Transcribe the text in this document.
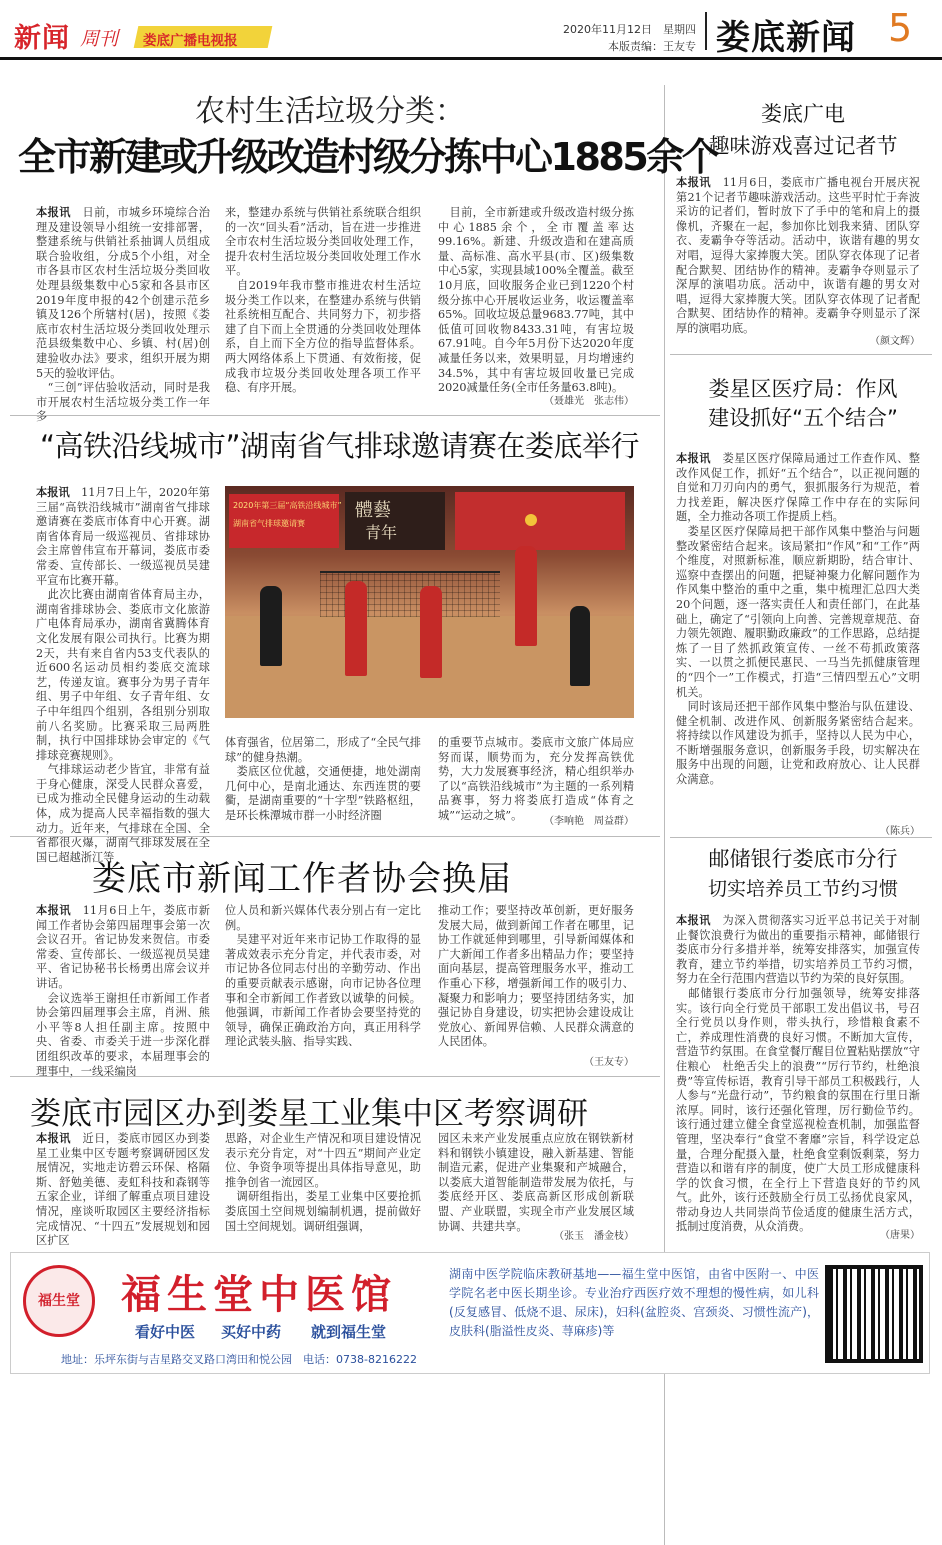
新闻 周刊 娄底广播电视报
2020年11月12日　星期四
本版责编：王友专 娄底新闻 5
农村生活垃圾分类：
全市新建或升级改造村级分拣中心1885余个

本报讯　日前，市城乡环境综合治理及建设领导小组统一安排部署，整建系统与供销社系抽调人员组成联合验收组，分成5个小组，对全市各县市区农村生活垃圾分类回收处理县级集数中心5家和各县市区2019年度申报的42个创建示范乡镇及126个所辖村(居)，按照《娄底市农村生活垃圾分类回收处理示范县级集数中心、乡镇、村(居)创建验收办法》要求，组织开展为期5天的验收评估。
　“三创”评估验收活动，同时是我市开展农村生活垃圾分类工作一年多

来，整建办系统与供销社系统联合组织的一次“回头看”活动，旨在进一步推进全市农村生活垃圾分类回收处理工作，提升农村生活垃圾分类回收处理工作水平。
　自2019年我市整市推进农村生活垃圾分类工作以来，在整建办系统与供销社系统相互配合、共同努力下，初步搭建了自下而上全贯通的分类回收处理体系，自上而下全方位的指导监督体系。两大网络体系上下贯通、有效衔接，促成我市垃圾分类回收处理各项工作平稳、有序开展。

　目前，全市新建或升级改造村级分拣中心1885余个，全市覆盖率达99.16%。新建、升级改造和在建高质量、高标准、高水平县(市、区)级集数中心5家，实现县域100%全覆盖。截至10月底，回收服务企业已到1220个村级分拣中心开展收运业务，收运覆盖率65%。回收垃圾总量9683.77吨，其中低值可回收物8433.31吨，有害垃圾67.91吨。自今年5月份下达2020年度减量任务以来，效果明显，月均增速约34.5%，其中有害垃圾回收量已完成2020减量任务(全市任务量63.8吨)。

（聂雄光　张志伟）
“高铁沿线城市”湖南省气排球邀请赛在娄底举行

本报讯　11月7日上午，2020年第三届“高铁沿线城市”湖南省气排球邀请赛在娄底市体育中心开赛。湖南省体育局一级巡视员、省排球协会主席曾伟宣布开幕词，娄底市委常委、宣传部长、一级巡视员吴建平宣布比赛开幕。
　此次比赛由湖南省体育局主办，湖南省排球协会、娄底市文化旅游广电体育局承办，湖南省冀腾体育文化发展有限公司执行。比赛为期2天，共有来自省内53支代表队的近600名运动员相约娄底交流球艺，传递友谊。赛事分为男子青年组、男子中年组、女子青年组、女子中年组四个组别，各组别分别取前八名奖励。比赛采取三局两胜制，执行中国排球协会审定的《气排球竞赛规则》。
　气排球运动老少皆宜，非常有益于身心健康，深受人民群众喜爱，已成为推动全民健身运动的生动载体，成为提高人民幸福指数的强大动力。近年来，气排球在全国、全省都很火爆，湖南气排球发展在全国已超越浙江等

2020年第三届“高铁沿线城市”
湖南省气排球邀请赛
體藝
青年

体育强省，位居第二，形成了“全民气排球”的健身热潮。
　娄底区位优越，交通便捷，地处湖南几何中心，是南北通达、东西连贯的要衢，是湖南重要的“十字型”铁路枢纽，是环长株潭城市群一小时经济圈

的重要节点城市。娄底市文旅广体局应努而谋，顺势而为，充分发挥高铁优势，大力发展赛事经济，精心组织举办了以“高铁沿线城市”为主题的一系列精品赛事，努力将娄底打造成“体育之城”“运动之城”。	（李响艳　周益群）
娄底市新闻工作者协会换届

本报讯　11月6日上午，娄底市新闻工作者协会第四届理事会第一次会议召开。省记协发来贺信。市委常委、宣传部长、一级巡视员吴建平、省记协秘书长杨勇出席会议并讲话。
　会议选举王谢担任市新闻工作者协会第四届理事会主席，肖洲、熊小平等8人担任副主席。按照中央、省委、市委关于进一步深化群团组织改革的要求，本届理事会的理事中，一线采编岗

位人员和新兴媒体代表分别占有一定比例。
　吴建平对近年来市记协工作取得的显著成效表示充分肯定，并代表市委，对市记协各位同志付出的辛勤劳动、作出的重要贡献表示感谢，向市记协各位理事和全市新闻工作者致以诚挚的问候。他强调，市新闻工作者协会要坚持党的领导，确保正确政治方向，真正用科学理论武装头脑、指导实践、

推动工作；要坚持改革创新，更好服务发展大局，做到新闻工作者在哪里，记协工作就延伸到哪里，引导新闻媒体和广大新闻工作者多出精品力作；要坚持面向基层，提高管理服务水平，推动工作重心下移，增强新闻工作的吸引力、凝聚力和影响力；要坚持团结务实，加强记协自身建设，切实把协会建设成让党放心、新闻界信赖、人民群众满意的人民团体。

（王友专）
娄底市园区办到娄星工业集中区考察调研

本报讯　近日，娄底市园区办到娄星工业集中区专题考察调研园区发展情况，实地走访碧云环保、格隔斯、舒勉美德、麦虹科技和森钢等五家企业，详细了解重点项目建设情况，座谈听取园区主要经济指标完成情况、“十四五”发展规划和园区扩区

思路，对企业生产情况和项目建设情况表示充分肯定，对“十四五”期间产业定位、争资争项等提出具体指导意见，助推争创省一流园区。
　调研组指出，娄星工业集中区要抢抓娄底国土空间规划编制机遇，提前做好国土空间规划。调研组强调，

园区未来产业发展重点应放在钢铁新材料和钢铁小镇建设，融入新基建、智能制造元素，促进产业集聚和产城融合，以娄底大道智能制造带发展为依托，与娄底经开区、娄底高新区形成创新联盟、产业联盟，实现全市产业发展区域协调、共建共享。

（张玉　潘金枝）
娄底广电
趣味游戏喜过记者节

本报讯　11月6日，娄底市广播电视台开展庆祝第21个记者节趣味游戏活动。这些平时忙于奔波采访的记者们，暂时放下了手中的笔和肩上的摄像机，齐聚在一起，参加你比划我来猜、团队穿衣、麦霸争夺等活动。活动中，诙谐有趣的男女对唱，逗得大家捧腹大笑。团队穿衣体现了记者配合默契、团结协作的精神。麦霸争夺则显示了深厚的演唱功底。活动中，诙谐有趣的男女对唱，逗得大家捧腹大笑。团队穿衣体现了记者配合默契、团结协作的精神。麦霸争夺则显示了深厚的演唱功底。

（颜文辉）
娄星区医疗局：作风
建设抓好“五个结合”

本报讯　娄星区医疗保障局通过工作查作风、整改作风促工作，抓好“五个结合”，以正视问题的自觉和刀刃向内的勇气，狠抓服务行为规范，着力找差距，解决医疗保障工作中存在的实际问题，全力推动各项工作提质上档。
　娄星区医疗保障局把干部作风集中整治与问题整改紧密结合起来。该局紧扣“作风”和“工作”两个维度，对照新标准，顺应新期盼，结合审计、巡察中查摆出的问题，把疑神聚力化解问题作为作风集中整治的重中之重，集中梳理汇总四大类20个问题，逐一落实责任人和责任部门，在此基础上，确定了“引领向上向善、完善规章规范、奋力领先领跑、履职勤政廉政”的工作思路，总结提炼了一目了然抓政策宣传、一丝不苟抓政策落实、一以贯之抓便民惠民、一马当先抓健康管理的“四个一”工作模式，打造“三情四型五心”文明机关。
　同时该局还把干部作风集中整治与队伍建设、健全机制、改进作风、创新服务紧密结合起来。将持续以作风建设为抓手，坚持以人民为中心，不断增强服务意识，创新服务手段，切实解决在服务中出现的问题，让党和政府放心、让人民群众满意。

（陈兵）
邮储银行娄底市分行
切实培养员工节约习惯

本报讯　为深入贯彻落实习近平总书记关于对制止餐饮浪费行为做出的重要指示精神，邮储银行娄底市分行多措并举，统筹安排落实，加强宣传教育，建立节约举措，切实培养员工节约习惯，努力在全行范围内营造以节约为荣的良好氛围。
　邮储银行娄底市分行加强领导，统筹安排落实。该行向全行党员干部职工发出倡议书，号召全行党员以身作则，带头执行，珍惜粮食素不亡，养成理性消费的良好习惯。不断加大宣传，营造节约氛围。在食堂餐厅醒目位置粘贴摆放“守住粮心　杜绝舌尖上的浪费”“厉行节约，杜绝浪费”等宣传标语，教育引导干部员工积极践行，人人参与“光盘行动”，节约粮食的氛围在行里日渐浓厚。同时，该行还强化管理，厉行勤俭节约。该行通过建立健全食堂巡视检查机制，加强监督管理，坚决奉行“食堂不奢靡”宗旨，科学设定总量，合理分配摄入量，杜绝食堂剩饭剩菜，努力营造以和谐有序的制度，使广大员工形成健康科学的饮食习惯，在全行上下营造良好的节约风气。此外，该行还鼓励全行员工弘扬优良家风，带动身边人共同崇尚节俭适度的健康生活方式，抵制过度消费，从众消费。

（唐果）
福生堂	福生堂中医馆
看好中医 买好中药 就到福生堂
地址：乐坪东街与吉星路交叉路口湾田和悦公园　电话：0738-8216222

湖南中医学院临床教研基地——福生堂中医馆，由省中医附一、中医学院名老中医长期坐诊。专业治疗西医疗效不理想的慢性病，如儿科(反复感冒、低烧不退、尿床)，妇科(盆腔炎、宫颈炎、习惯性流产)，皮肤科(脂溢性皮炎、荨麻疹)等
